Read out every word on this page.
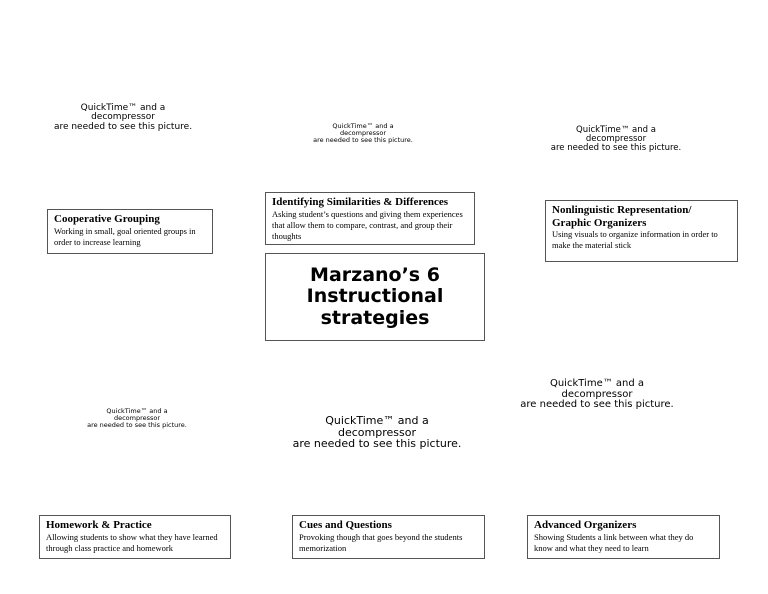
QuickTime™ and a
decompressor
are needed to see this picture.	QuickTime™ and a
decompressor
are needed to see this picture.
QuickTime™ and a
decompressor
are needed to see this picture.
QuickTime™ and a
decompressor
are needed to see this picture.	QuickTime™ and a
decompressor
are needed to see this picture.
QuickTime™ and a
decompressor
are needed to see this picture.
Marzano’s 6 Instructional strategies
Cooperative Grouping
Working in small, goal oriented groups in order to increase learning
Identifying Similarities & Differences
Asking student’s questions and giving them experiences that allow them to compare, contrast, and group their thoughts
Nonlinguistic Representation/ Graphic Organizers
Using visuals to organize information in order to make the material stick
Homework & Practice
Allowing students to show what they have learned through class practice and homework
Cues and Questions
Provoking though that goes beyond the students memorization
Advanced Organizers
Showing Students a link between what they do know and what they need to learn
